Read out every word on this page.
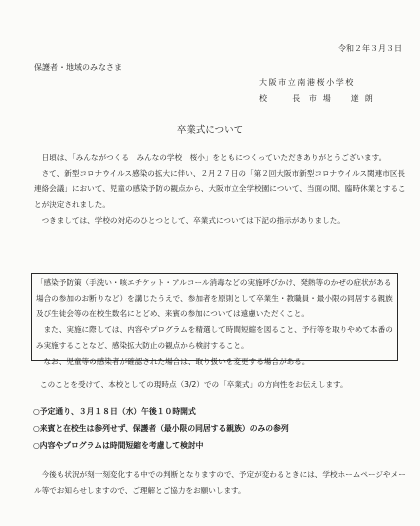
令和２年３月３日
保護者・地域のみなさま
大阪市立南港桜小学校
校　長市場　達朗
卒業式について

　日頃は、「みんながつくる　みんなの学校　桜小」をともにつくっていただきありがとうございます。

　さて、新型コロナウイルス感染の拡大に伴い、２月２７日の「第２回大阪市新型コロナウイルス関連市区長連絡会議」において、児童の感染予防の観点から、大阪市立全学校園について、当面の間、臨時休業とすることが決定されました。

　つきましては、学校の対応のひとつとして、卒業式については下記の指示がありました。

「感染予防策（手洗い・咳エチケット・アルコール消毒などの実施呼びかけ、発熱等のかぜの症状がある場合の参加のお断りなど）を講じたうえで、参加者を原則として卒業生・教職員・最小限の同居する親族及び生徒会等の在校生数名にとどめ、来賓の参加については遠慮いただくこと。

　また、実施に際しては、内容やプログラムを精選して時間短縮を図ること、予行等を取りやめて本番のみ実施することなど、感染拡大防止の観点から検討すること。

　なお、児童等の感染者が確認された場合は、取り扱いを変更する場合がある。

このことを受けて、本校としての現時点（3/2）での「卒業式」の方向性をお伝えします。
○予定通り、３月１８日（水）午後１０時開式
○来賓と在校生は参列せず、保護者（最小限の同居する親族）のみの参列
○内容やプログラムは時間短縮を考慮して検討中
　今後も状況が刻一刻変化する中での判断となりますので、予定が変わるときには、学校ホームページやメール等でお知らせしますので、ご理解とご協力をお願いします。
